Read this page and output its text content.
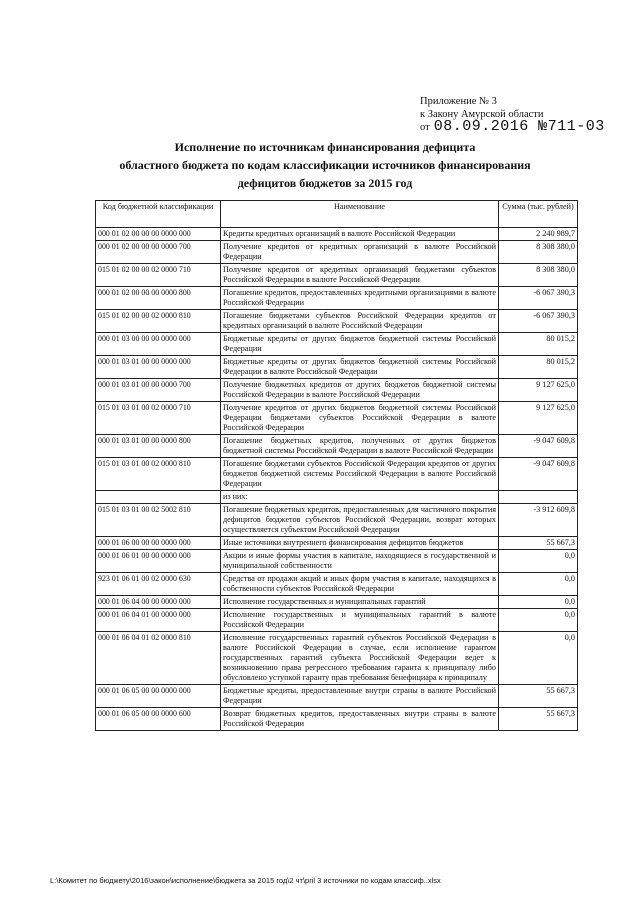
Приложение № 3
к Закону Амурской области
от 08.09.2016 №711-03
Исполнение по источникам финансирования дефицита
областного бюджета по кодам классификации источников финансирования
дефицитов бюджетов за 2015 год
Код бюджетной классификации	Наименование	Сумма (тыс. рублей)
000 01 02 00 00 00 0000 000	Кредиты кредитных организаций в валюте Российской Федерации	2 240 989,7
000 01 02 00 00 00 0000 700	Получение кредитов от кредитных организаций в валюте Российской Федерации	8 308 380,0
015 01 02 00 00 02 0000 710	Получение кредитов от кредитных организаций бюджетами субъектов Российской Федерации в валюте Российской Федерации	8 308 380,0
000 01 02 00 00 00 0000 800	Погашение кредитов, предоставленных кредитными организациями в валюте Российской Федерации	-6 067 390,3
015 01 02 00 00 02 0000 810	Погашение бюджетами субъектов Российской Федерации кредитов от кредитных организаций в валюте Российской Федерации	-6 067 390,3
000 01 03 00 00 00 0000 000	Бюджетные кредиты от других бюджетов бюджетной системы Российской Федерации	80 015,2
000 01 03 01 00 00 0000 000	Бюджетные кредиты от других бюджетов бюджетной системы Российской Федерации в валюте Российской Федерации	80 015,2
000 01 03 01 00 00 0000 700	Получение бюджетных кредитов от других бюджетов бюджетной системы Российской Федерации в валюте Российской Федерации	9 127 625,0
015 01 03 01 00 02 0000 710	Получение кредитов от других бюджетов бюджетной системы Российской Федерации бюджетами субъектов Российской Федерации в валюте Российской Федерации	9 127 625,0
000 01 03 01 00 00 0000 800	Погашение бюджетных кредитов, полученных от других бюджетов бюджетной системы Российской Федерации в валюте Российской Федерации	-9 047 609,8
015 01 03 01 00 02 0000 810	Погашение бюджетами субъектов Российской Федерации кредитов от других бюджетов бюджетной системы Российской Федерации в валюте Российской Федерации	-9 047 609,8
	из них:	
015 01 03 01 00 02 5002 810	Погашение бюджетных кредитов, предоставленных для частичного покрытия дефицитов бюджетов субъектов Российской Федерации, возврат которых осуществляется субъектом Российской Федерации	-3 912 609,8
000 01 06 00 00 00 0000 000	Иные источники внутреннего финансирования дефицитов бюджетов	55 667,3
000 01 06 01 00 00 0000 000	Акции и иные формы участия в капитале, находящиеся в государственной и муниципальной собственности	0,0
923 01 06 01 00 02 0000 630	Средства от продажи акций и иных форм участия в капитале, находящихся в собственности субъектов Российской Федерации	0,0
000 01 06 04 00 00 0000 000	Исполнение государственных и муниципальных гарантий	0,0
000 01 06 04 01 00 0000 000	Исполнение государственных и муниципальных гарантий в валюте Российской Федерации	0,0
000 01 06 04 01 02 0000 810	Исполнение государственных гарантий субъектов Российской Федерации в валюте Российской Федерации в случае, если исполнение гарантом государственных гарантий субъекта Российской Федерации ведет к возникновению права регрессного требования гаранта к принципалу либо обусловлено уступкой гаранту прав требования бенефициара к принципалу	0,0
000 01 06 05 00 00 0000 000	Бюджетные кредиты, предоставленные внутри страны в валюте Российской Федерации	55 667,3
000 01 06 05 00 00 0000 600	Возврат бюджетных кредитов, предоставленных внутри страны в валюте Российской Федерации	55 667,3
L:\Комитет по бюджету\2016\закон\исполнение\бюджета за 2015 год\2 чт\pril 3 источники по кодам классиф..xlsx
